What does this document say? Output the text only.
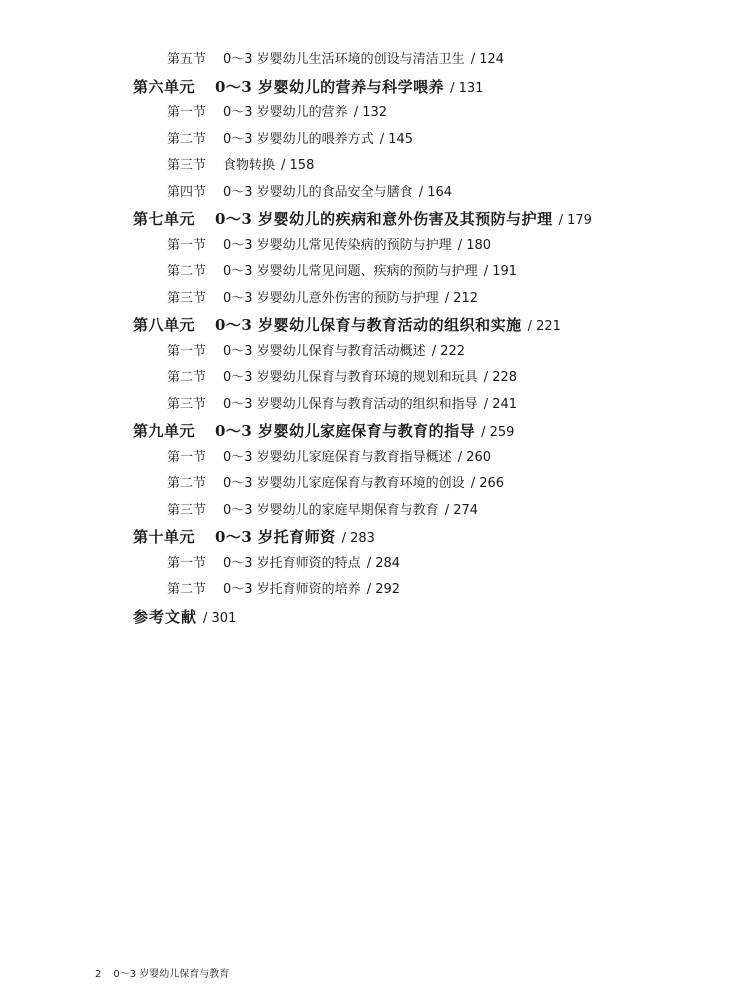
第五节 0～3 岁婴幼儿生活环境的创设与清洁卫生 / 124
第六单元 0～3 岁婴幼儿的营养与科学喂养 / 131
第一节 0～3 岁婴幼儿的营养 / 132
第二节 0～3 岁婴幼儿的喂养方式 / 145
第三节 食物转换 / 158
第四节 0～3 岁婴幼儿的食品安全与膳食 / 164
第七单元 0～3 岁婴幼儿的疾病和意外伤害及其预防与护理 / 179
第一节 0～3 岁婴幼儿常见传染病的预防与护理 / 180
第二节 0～3 岁婴幼儿常见问题、疾病的预防与护理 / 191
第三节 0～3 岁婴幼儿意外伤害的预防与护理 / 212
第八单元 0～3 岁婴幼儿保育与教育活动的组织和实施 / 221
第一节 0～3 岁婴幼儿保育与教育活动概述 / 222
第二节 0～3 岁婴幼儿保育与教育环境的规划和玩具 / 228
第三节 0～3 岁婴幼儿保育与教育活动的组织和指导 / 241
第九单元 0～3 岁婴幼儿家庭保育与教育的指导 / 259
第一节 0～3 岁婴幼儿家庭保育与教育指导概述 / 260
第二节 0～3 岁婴幼儿家庭保育与教育环境的创设 / 266
第三节 0～3 岁婴幼儿的家庭早期保育与教育 / 274
第十单元 0～3 岁托育师资 / 283
第一节 0～3 岁托育师资的特点 / 284
第二节 0～3 岁托育师资的培养 / 292
参考文献 / 301
2 0～3 岁婴幼儿保育与教育
